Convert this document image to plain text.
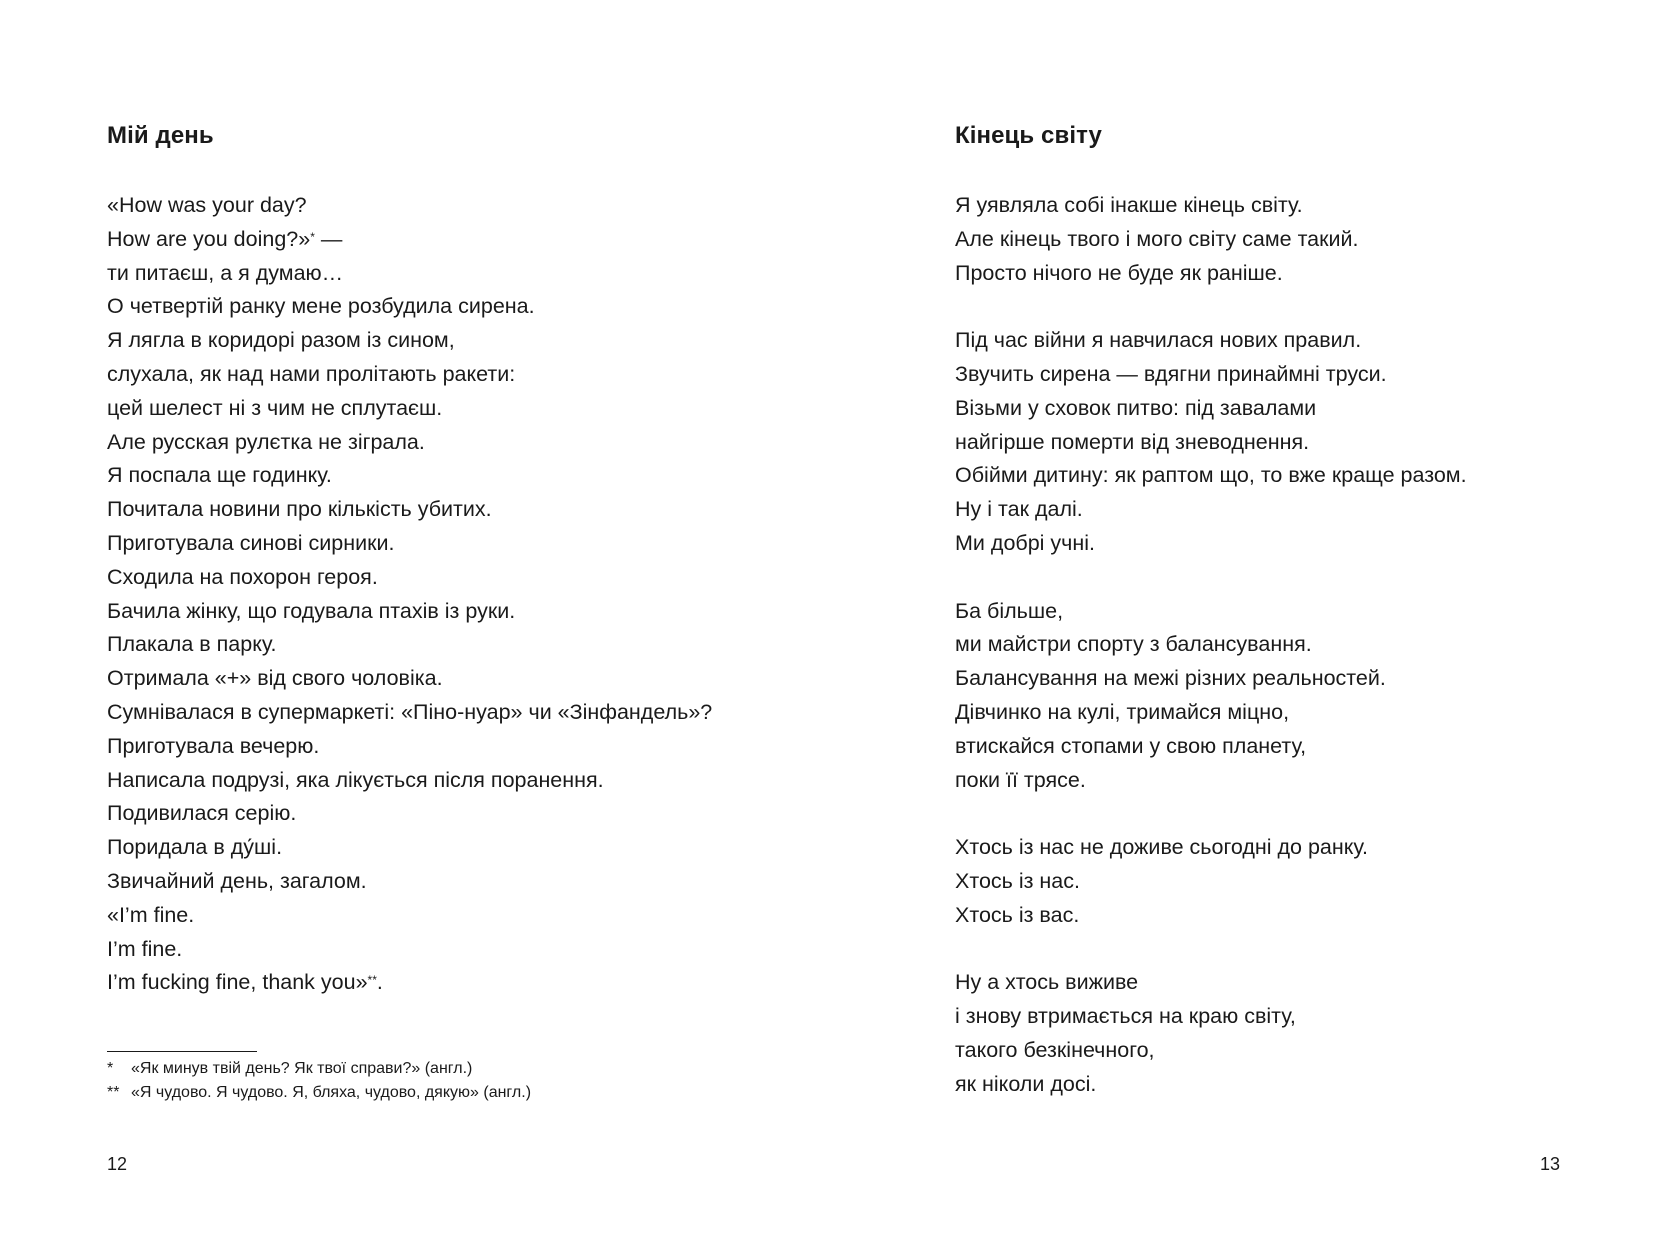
Мій день
«How was your day?
How are you doing?»* —
ти питаєш, а я думаю…
О четвертій ранку мене розбудила сирена.
Я лягла в коридорі разом із сином,
слухала, як над нами пролітають ракети:
цей шелест ні з чим не сплутаєш.
Але русская рулєтка не зіграла.
Я поспала ще годинку.
Почитала новини про кількість убитих.
Приготувала синові сирники.
Сходила на похорон героя.
Бачила жінку, що годувала птахів із руки.
Плакала в парку.
Отримала «+» від свого чоловіка.
Сумнівалася в супермаркеті: «Піно-нуар» чи «Зінфандель»?
Приготувала вечерю.
Написала подрузі, яка лікується після поранення.
Подивилася серію.
Поридала в ду́ші.
Звичайний день, загалом.
«I’m fine.
I’m fine.
I’m fucking fine, thank you»**.
* «Як минув твій день? Як твої справи?» (англ.)
** «Я чудово. Я чудово. Я, бляха, чудово, дякую» (англ.)
12
Кінець світу
Я уявляла собі інакше кінець світу.
Але кінець твого і мого світу саме такий.
Просто нічого не буде як раніше.
Під час війни я навчилася нових правил.
Звучить сирена — вдягни принаймні труси.
Візьми у сховок питво: під завалами
найгірше померти від зневоднення.
Обійми дитину: як раптом що, то вже краще разом.
Ну і так далі.
Ми добрі учні.
Ба більше,
ми майстри спорту з балансування.
Балансування на межі різних реальностей.
Дівчинко на кулі, тримайся міцно,
втискайся стопами у свою планету,
поки її трясе.
Хтось із нас не доживе сьогодні до ранку.
Хтось із нас.
Хтось із вас.
Ну а хтось виживе
і знову втримається на краю світу,
такого безкінечного,
як ніколи досі.
13
